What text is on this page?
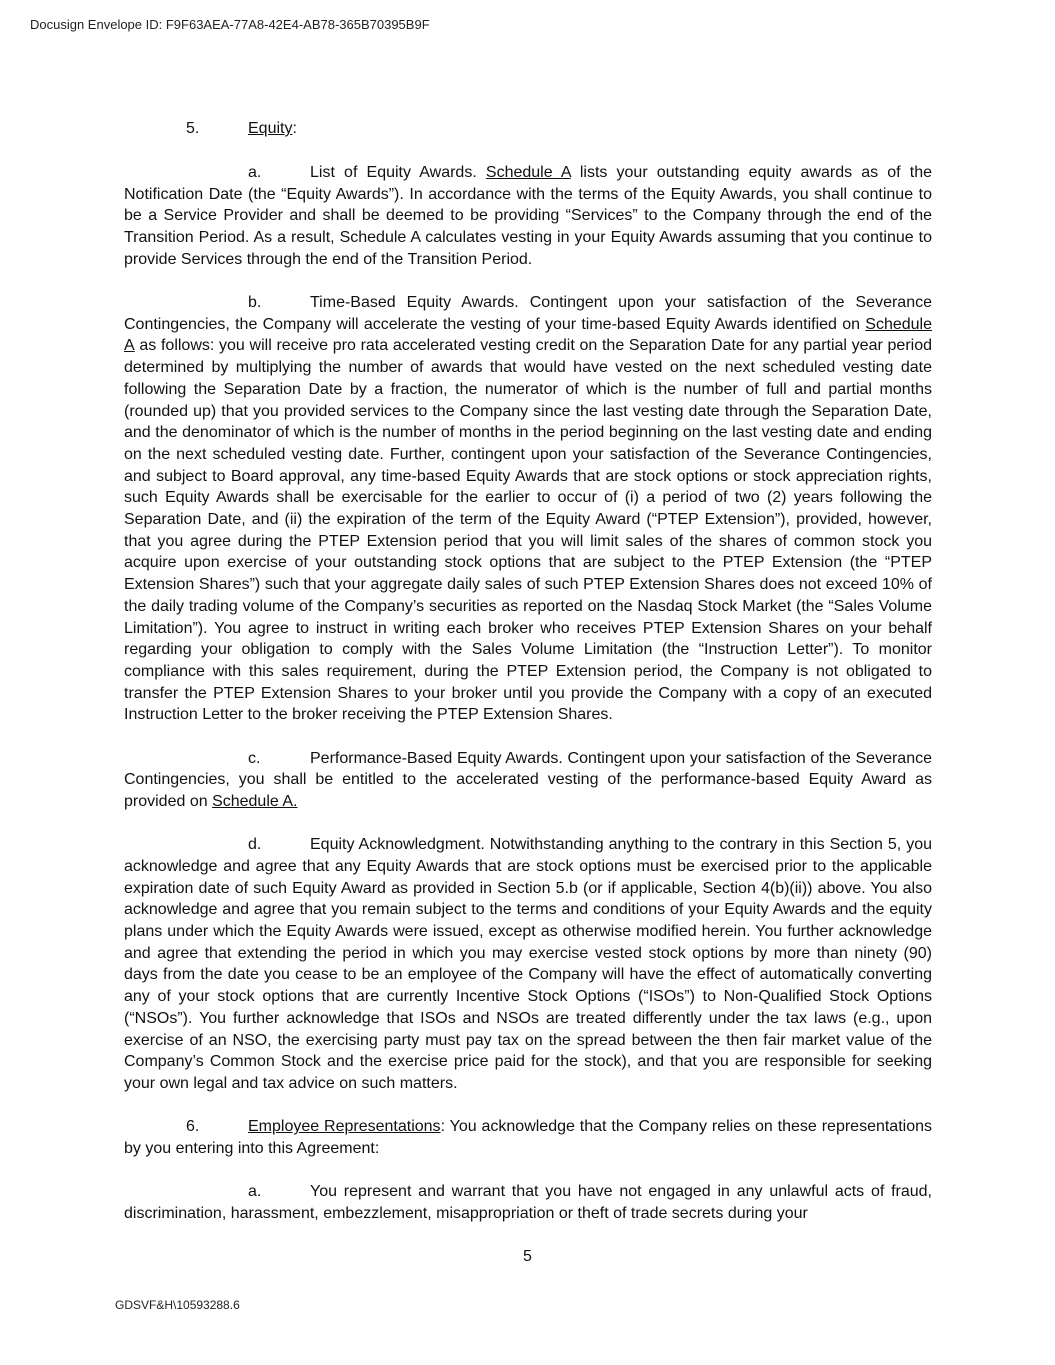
Docusign Envelope ID: F9F63AEA-77A8-42E4-AB78-365B70395B9F
5.	Equity:

a.	List of Equity Awards. Schedule A lists your outstanding equity awards as of the Notification Date (the “Equity Awards”). In accordance with the terms of the Equity Awards, you shall continue to be a Service Provider and shall be deemed to be providing “Services” to the Company through the end of the Transition Period. As a result, Schedule A calculates vesting in your Equity Awards assuming that you continue to provide Services through the end of the Transition Period.

b.	Time-Based Equity Awards. Contingent upon your satisfaction of the Severance Contingencies, the Company will accelerate the vesting of your time-based Equity Awards identified on Schedule A as follows: you will receive pro rata accelerated vesting credit on the Separation Date for any partial year period determined by multiplying the number of awards that would have vested on the next scheduled vesting date following the Separation Date by a fraction, the numerator of which is the number of full and partial months (rounded up) that you provided services to the Company since the last vesting date through the Separation Date, and the denominator of which is the number of months in the period beginning on the last vesting date and ending on the next scheduled vesting date. Further, contingent upon your satisfaction of the Severance Contingencies, and subject to Board approval, any time-based Equity Awards that are stock options or stock appreciation rights, such Equity Awards shall be exercisable for the earlier to occur of (i) a period of two (2) years following the Separation Date, and (ii) the expiration of the term of the Equity Award (“PTEP Extension”), provided, however, that you agree during the PTEP Extension period that you will limit sales of the shares of common stock you acquire upon exercise of your outstanding stock options that are subject to the PTEP Extension (the “PTEP Extension Shares”) such that your aggregate daily sales of such PTEP Extension Shares does not exceed 10% of the daily trading volume of the Company’s securities as reported on the Nasdaq Stock Market (the “Sales Volume Limitation”). You agree to instruct in writing each broker who receives PTEP Extension Shares on your behalf regarding your obligation to comply with the Sales Volume Limitation (the “Instruction Letter”). To monitor compliance with this sales requirement, during the PTEP Extension period, the Company is not obligated to transfer the PTEP Extension Shares to your broker until you provide the Company with a copy of an executed Instruction Letter to the broker receiving the PTEP Extension Shares.

c.	Performance-Based Equity Awards. Contingent upon your satisfaction of the Severance Contingencies, you shall be entitled to the accelerated vesting of the performance-based Equity Award as provided on Schedule A.

d.	Equity Acknowledgment. Notwithstanding anything to the contrary in this Section 5, you acknowledge and agree that any Equity Awards that are stock options must be exercised prior to the applicable expiration date of such Equity Award as provided in Section 5.b (or if applicable, Section 4(b)(ii)) above. You also acknowledge and agree that you remain subject to the terms and conditions of your Equity Awards and the equity plans under which the Equity Awards were issued, except as otherwise modified herein. You further acknowledge and agree that extending the period in which you may exercise vested stock options by more than ninety (90) days from the date you cease to be an employee of the Company will have the effect of automatically converting any of your stock options that are currently Incentive Stock Options (“ISOs”) to Non-Qualified Stock Options (“NSOs”). You further acknowledge that ISOs and NSOs are treated differently under the tax laws (e.g., upon exercise of an NSO, the exercising party must pay tax on the spread between the then fair market value of the Company’s Common Stock and the exercise price paid for the stock), and that you are responsible for seeking your own legal and tax advice on such matters.

6.	Employee Representations: You acknowledge that the Company relies on these representations by you entering into this Agreement:

a.	You represent and warrant that you have not engaged in any unlawful acts of fraud, discrimination, harassment, embezzlement, misappropriation or theft of trade secrets during your

5
GDSVF&H\10593288.6
